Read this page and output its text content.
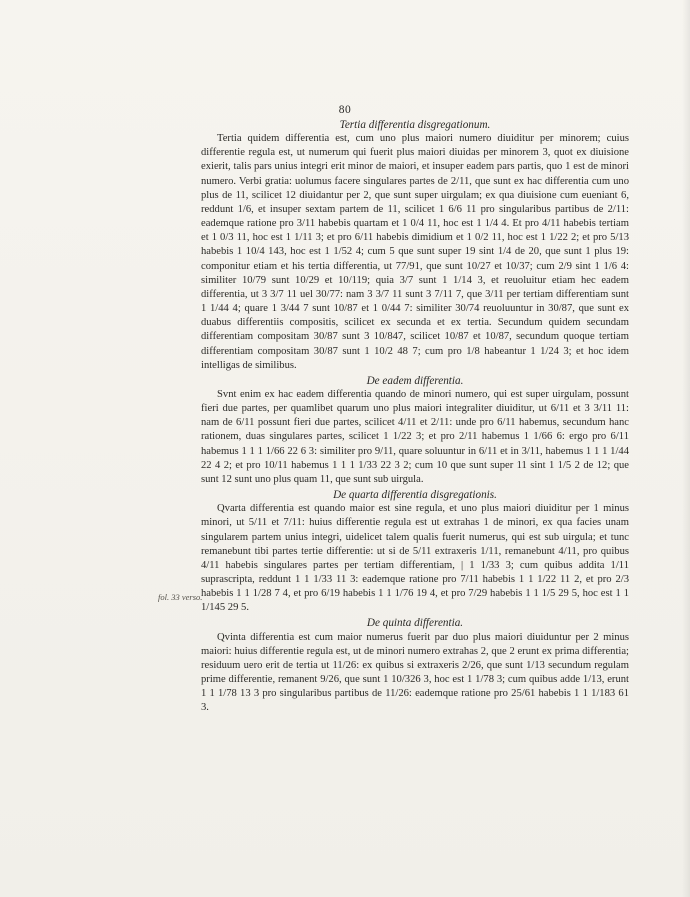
80
fol. 33 verso.
Tertia differentia disgregationum.

Tertia quidem differentia est, cum uno plus maiori numero diuiditur per minorem; cuius differentie regula est, ut numerum qui fuerit plus maiori diuidas per minorem 3, quot ex diuisione exierit, talis pars unius integri erit minor de maiori, et insuper eadem pars partis, quo 1 est de minori numero. Verbi gratia: uolumus facere singulares partes de 2/11, que sunt ex hac differentia cum uno plus de 11, scilicet 12 diuidantur per 2, que sunt super uirgulam; ex qua diuisione cum eueniant 6, reddunt 1/6, et insuper sextam partem de 11, scilicet 1 6/6 11 pro singularibus partibus de 2/11: eademque ratione pro 3/11 habebis quartam et 1 0/4 11, hoc est 1 1/4 4. Et pro 4/11 habebis tertiam et 1 0/3 11, hoc est 1 1/11 3; et pro 6/11 habebis dimidium et 1 0/2 11, hoc est 1 1/22 2; et pro 5/13 habebis 1 10/4 143, hoc est 1 1/52 4; cum 5 que sunt super 19 sint 1/4 de 20, que sunt 1 plus 19: componitur etiam et his tertia differentia, ut 77/91, que sunt 10/27 et 10/37; cum 2/9 sint 1 1/6 4: similiter 10/79 sunt 10/29 et 10/119; quia 3/7 sunt 1 1/14 3, et reuoluitur etiam hec eadem differentia, ut 3 3/7 11 uel 30/77: nam 3 3/7 11 sunt 3 7/11 7, que 3/11 per tertiam differentiam sunt 1 1/44 4; quare 1 3/44 7 sunt 10/87 et 1 0/44 7: similiter 30/74 reuoluuntur in 30/87, que sunt ex duabus differentiis compositis, scilicet ex secunda et ex tertia. Secundum quidem secundam differentiam compositam 30/87 sunt 3 10/847, scilicet 10/87 et 10/87, secundum quoque tertiam differentiam compositam 30/87 sunt 1 10/2 48 7; cum pro 1/8 habeantur 1 1/24 3; et hoc idem intelligas de similibus.

De eadem differentia.

Svnt enim ex hac eadem differentia quando de minori numero, qui est super uirgulam, possunt fieri due partes, per quamlibet quarum uno plus maiori integraliter diuiditur, ut 6/11 et 3 3/11 11: nam de 6/11 possunt fieri due partes, scilicet 4/11 et 2/11: unde pro 6/11 habemus, secundum hanc rationem, duas singulares partes, scilicet 1 1/22 3; et pro 2/11 habemus 1 1/66 6: ergo pro 6/11 habemus 1 1 1 1/66 22 6 3: similiter pro 9/11, quare soluuntur in 6/11 et in 3/11, habemus 1 1 1 1/44 22 4 2; et pro 10/11 habemus 1 1 1 1/33 22 3 2; cum 10 que sunt super 11 sint 1 1/5 2 de 12; que sunt 12 sunt uno plus quam 11, que sunt sub uirgula.

De quarta differentia disgregationis.

Qvarta differentia est quando maior est sine regula, et uno plus maiori diuiditur per 1 minus minori, ut 5/11 et 7/11: huius differentie regula est ut extrahas 1 de minori, ex qua facies unam singularem partem unius integri, uidelicet talem qualis fuerit numerus, qui est sub uirgula; et tunc remanebunt tibi partes tertie differentie: ut si de 5/11 extraxeris 1/11, remanebunt 4/11, pro quibus 4/11 habebis singulares partes per tertiam differentiam, | 1 1/33 3; cum quibus addita 1/11 suprascripta, reddunt 1 1 1/33 11 3: eademque ratione pro 7/11 habebis 1 1 1/22 11 2, et pro 2/3 habebis 1 1 1/28 7 4, et pro 6/19 habebis 1 1 1/76 19 4, et pro 7/29 habebis 1 1 1/5 29 5, hoc est 1 1 1/145 29 5.

De quinta differentia.

Qvinta differentia est cum maior numerus fuerit par duo plus maiori diuiduntur per 2 minus maiori: huius differentie regula est, ut de minori numero extrahas 2, que 2 erunt ex prima differentia; residuum uero erit de tertia ut 11/26: ex quibus si extraxeris 2/26, que sunt 1/13 secundum regulam prime differentie, remanent 9/26, que sunt 1 10/326 3, hoc est 1 1/78 3; cum quibus adde 1/13, erunt 1 1 1/78 13 3 pro singularibus partibus de 11/26: eademque ratione pro 25/61 habebis 1 1 1/183 61 3.
